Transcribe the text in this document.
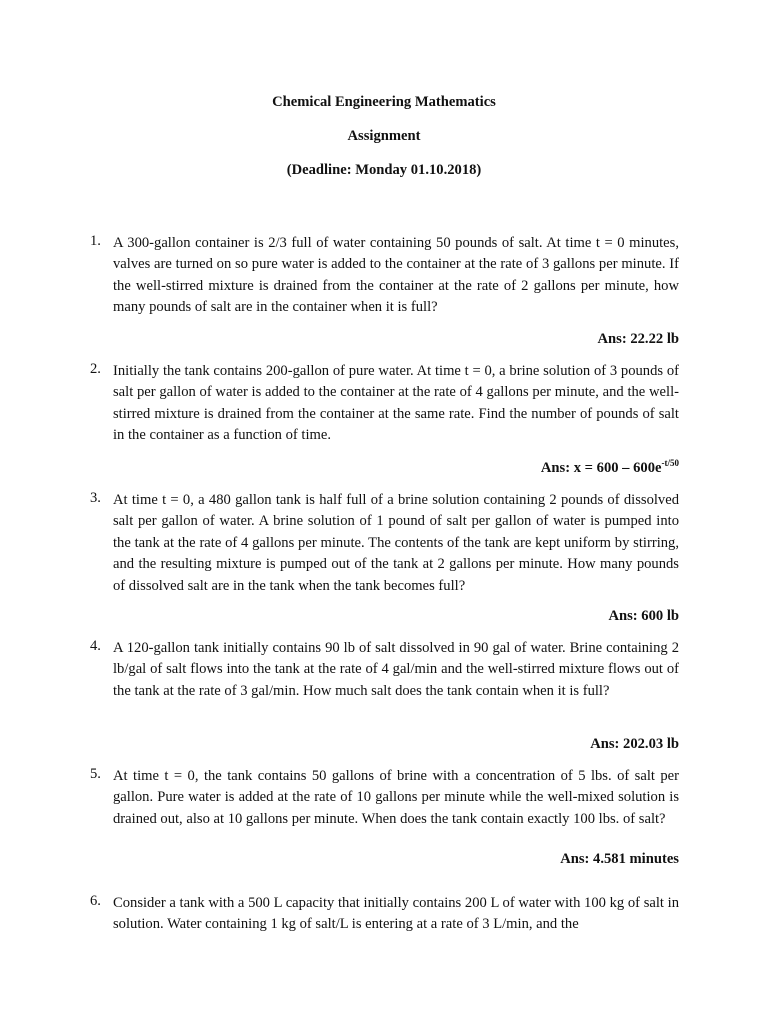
Chemical Engineering Mathematics
Assignment
(Deadline: Monday 01.10.2018)
1. A 300-gallon container is 2/3 full of water containing 50 pounds of salt. At time t = 0 minutes, valves are turned on so pure water is added to the container at the rate of 3 gallons per minute. If the well-stirred mixture is drained from the container at the rate of 2 gallons per minute, how many pounds of salt are in the container when it is full?
Ans: 22.22 lb
2. Initially the tank contains 200-gallon of pure water. At time t = 0, a brine solution of 3 pounds of salt per gallon of water is added to the container at the rate of 4 gallons per minute, and the well-stirred mixture is drained from the container at the same rate. Find the number of pounds of salt in the container as a function of time.
Ans: $x = 600 - 600e^{-t/50}$
3. At time t = 0, a 480 gallon tank is half full of a brine solution containing 2 pounds of dissolved salt per gallon of water. A brine solution of 1 pound of salt per gallon of water is pumped into the tank at the rate of 4 gallons per minute. The contents of the tank are kept uniform by stirring, and the resulting mixture is pumped out of the tank at 2 gallons per minute. How many pounds of dissolved salt are in the tank when the tank becomes full?
Ans: 600 lb
4. A 120-gallon tank initially contains 90 lb of salt dissolved in 90 gal of water. Brine containing 2 lb/gal of salt flows into the tank at the rate of 4 gal/min and the well-stirred mixture flows out of the tank at the rate of 3 gal/min. How much salt does the tank contain when it is full?
Ans: 202.03 lb
5. At time t = 0, the tank contains 50 gallons of brine with a concentration of 5 lbs. of salt per gallon. Pure water is added at the rate of 10 gallons per minute while the well-mixed solution is drained out, also at 10 gallons per minute. When does the tank contain exactly 100 lbs. of salt?
Ans: 4.581 minutes
6. Consider a tank with a 500 L capacity that initially contains 200 L of water with 100 kg of salt in solution. Water containing 1 kg of salt/L is entering at a rate of 3 L/min, and the
